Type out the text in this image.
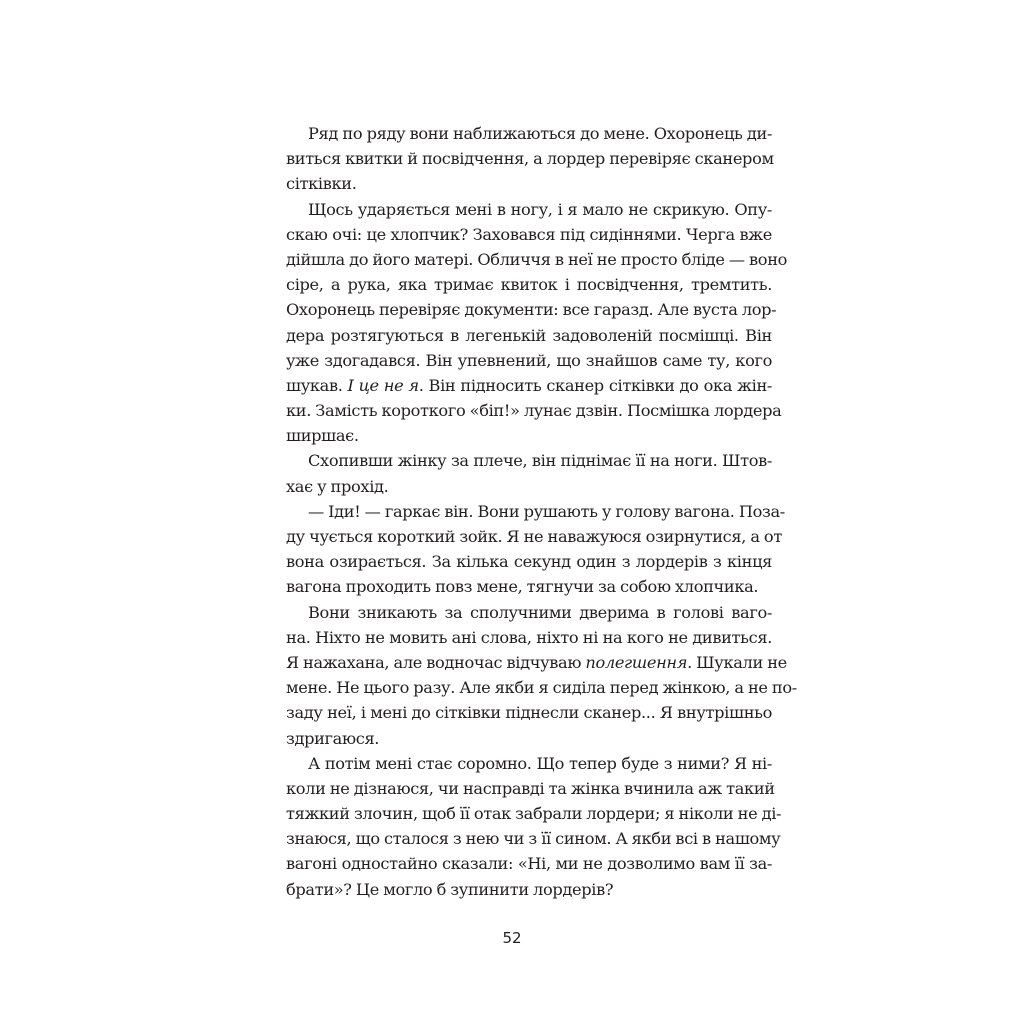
Ряд по ряду вони наближаються до мене. Охоронець ди-
виться квитки й посвідчення, а лордер перевіряє сканером
сітківки.
Щось ударяється мені в ногу, і я мало не скрикую. Опу-
скаю очі: це хлопчик? Заховався під сидіннями. Черга вже
дійшла до його матері. Обличчя в неї не просто бліде — воно
сіре, а рука, яка тримає квиток і посвідчення, тремтить.
Охоронець перевіряє документи: все гаразд. Але вуста лор-
дера розтягуються в легенькій задоволеній посмішці. Він
уже здогадався. Він упевнений, що знайшов саме ту, кого
шукав. І це не я. Він підносить сканер сітківки до ока жін-
ки. Замість короткого «біп!» лунає дзвін. Посмішка лордера
ширшає.
Схопивши жінку за плече, він піднімає її на ноги. Штов-
хає у прохід.
— Іди! — гаркає він. Вони рушають у голову вагона. Поза-
ду чується короткий зойк. Я не наважуюся озирнутися, а от
вона озирається. За кілька секунд один з лордерів з кінця
вагона проходить повз мене, тягнучи за собою хлопчика.
Вони зникають за сполучними дверима в голові ваго-
на. Ніхто не мовить ані слова, ніхто ні на кого не дивиться.
Я нажахана, але водночас відчуваю полегшення. Шукали не
мене. Не цього разу. Але якби я сиділа перед жінкою, а не по-
заду неї, і мені до сітківки піднесли сканер... Я внутрішньо
здригаюся.
А потім мені стає соромно. Що тепер буде з ними? Я ні-
коли не дізнаюся, чи насправді та жінка вчинила аж такий
тяжкий злочин, щоб її отак забрали лордери; я ніколи не ді-
знаюся, що сталося з нею чи з її сином. А якби всі в нашому
вагоні одностайно сказали: «Ні, ми не дозволимо вам її за-
брати»? Це могло б зупинити лордерів?
52
